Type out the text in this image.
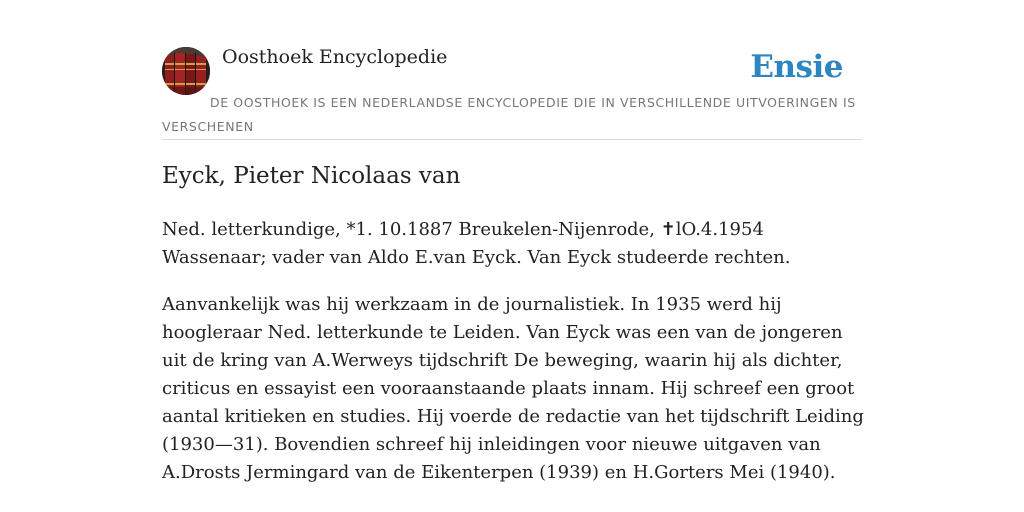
Oosthoek Encyclopedie	Ensie
DE OOSTHOEK IS EEN NEDERLANDSE ENCYCLOPEDIE DIE IN VERSCHILLENDE UITVOERINGEN IS VERSCHENEN
Eyck, Pieter Nicolaas van

Ned. letterkundige, *1. 10.1887 Breukelen-Nijenrode, ✝lO.4.1954 Wassenaar; vader van Aldo E.van Eyck. Van Eyck studeerde rechten.

Aanvankelijk was hij werkzaam in de journalistiek. In 1935 werd hij hoogleraar Ned. letterkunde te Leiden. Van Eyck was een van de jongeren uit de kring van A.Werweys tijdschrift De beweging, waarin hij als dichter, criticus en essayist een vooraanstaande plaats innam. Hij schreef een groot aantal kritieken en studies. Hij voerde de redactie van het tijdschrift Leiding (1930—31). Bovendien schreef hij inleidingen voor nieuwe uitgaven van A.Drosts Jermingard van de Eikenterpen (1939) en H.Gorters Mei (1940).
